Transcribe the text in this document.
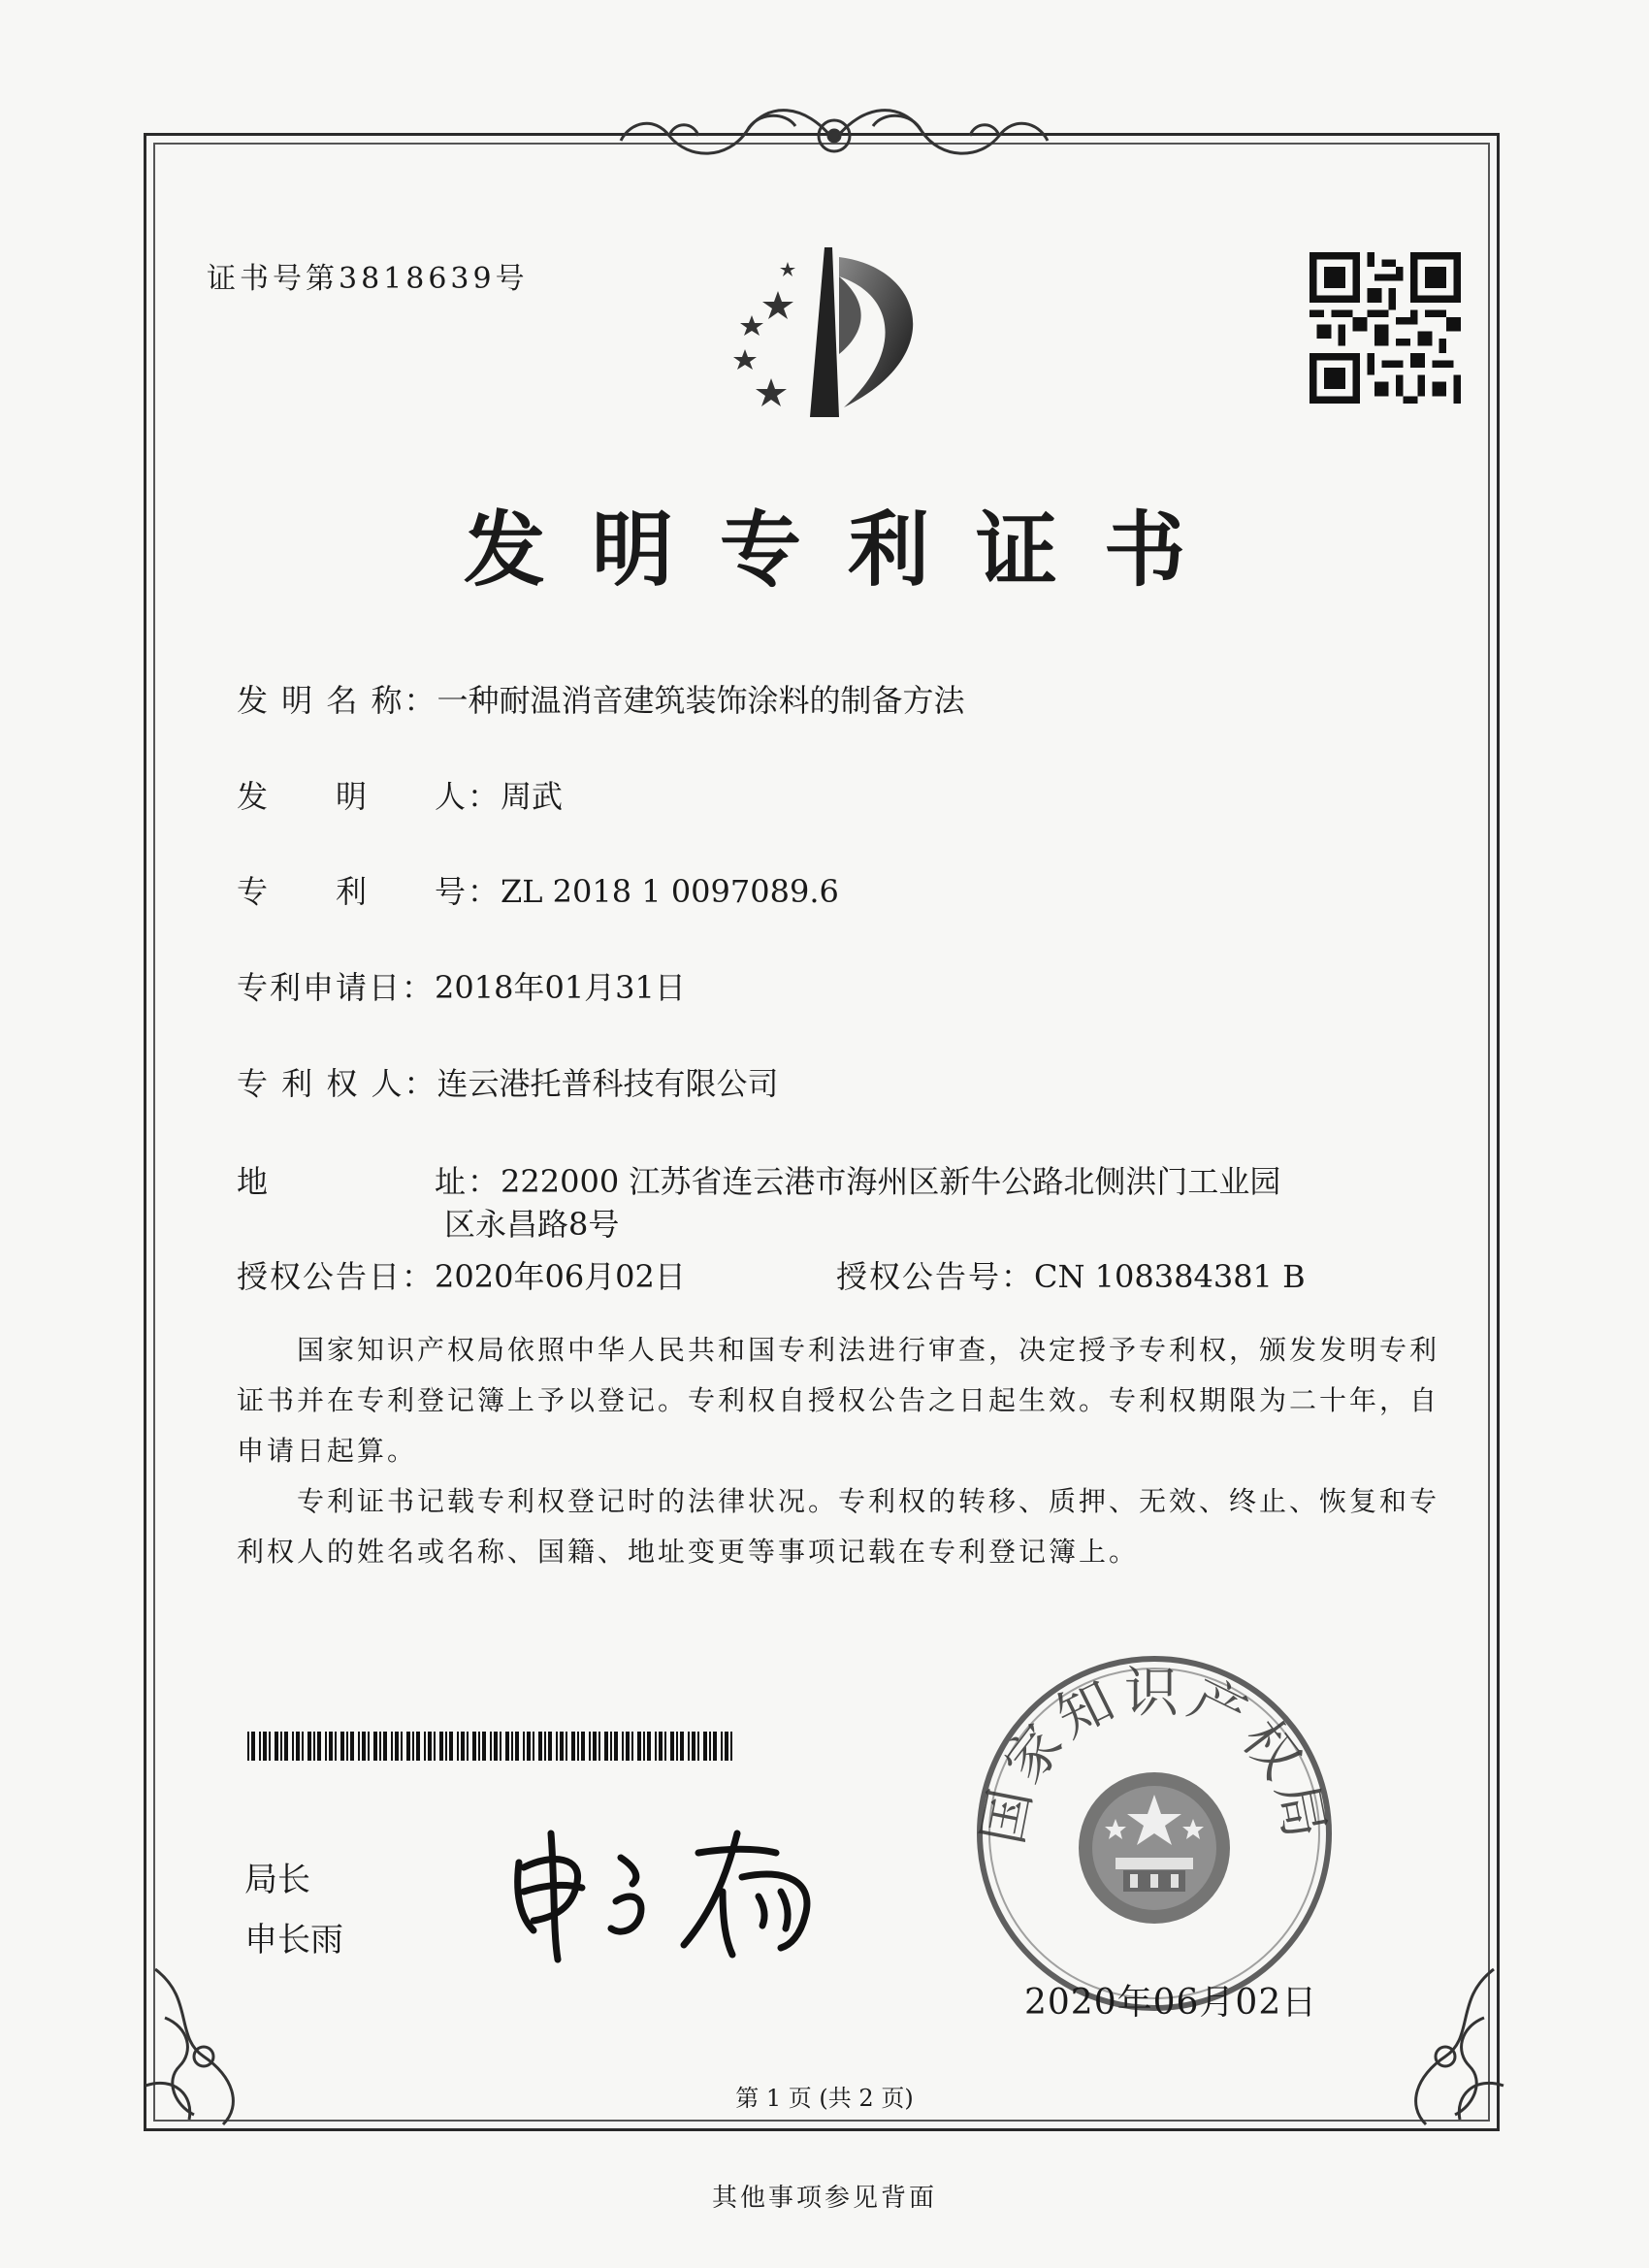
证书号第3818639号
发明专利证书
发 明 名 称：一种耐温消音建筑装饰涂料的制备方法
发　　明　　人：周武
专　　利　　号：ZL 2018 1 0097089.6
专利申请日：2018年01月31日
专 利 权 人：连云港托普科技有限公司
地　　　　　址：222000 江苏省连云港市海州区新牛公路北侧洪门工业园
区永昌路8号
授权公告日：2020年06月02日	授权公告号：CN 108384381 B

国家知识产权局依照中华人民共和国专利法进行审查，决定授予专利权，颁发发明专利证书并在专利登记簿上予以登记。专利权自授权公告之日起生效。专利权期限为二十年，自申请日起算。

专利证书记载专利权登记时的法律状况。专利权的转移、质押、无效、终止、恢复和专利权人的姓名或名称、国籍、地址变更等事项记载在专利登记簿上。

局长
申长雨
国家知识产权局
2020年06月02日
第 1 页 (共 2 页)
其他事项参见背面
